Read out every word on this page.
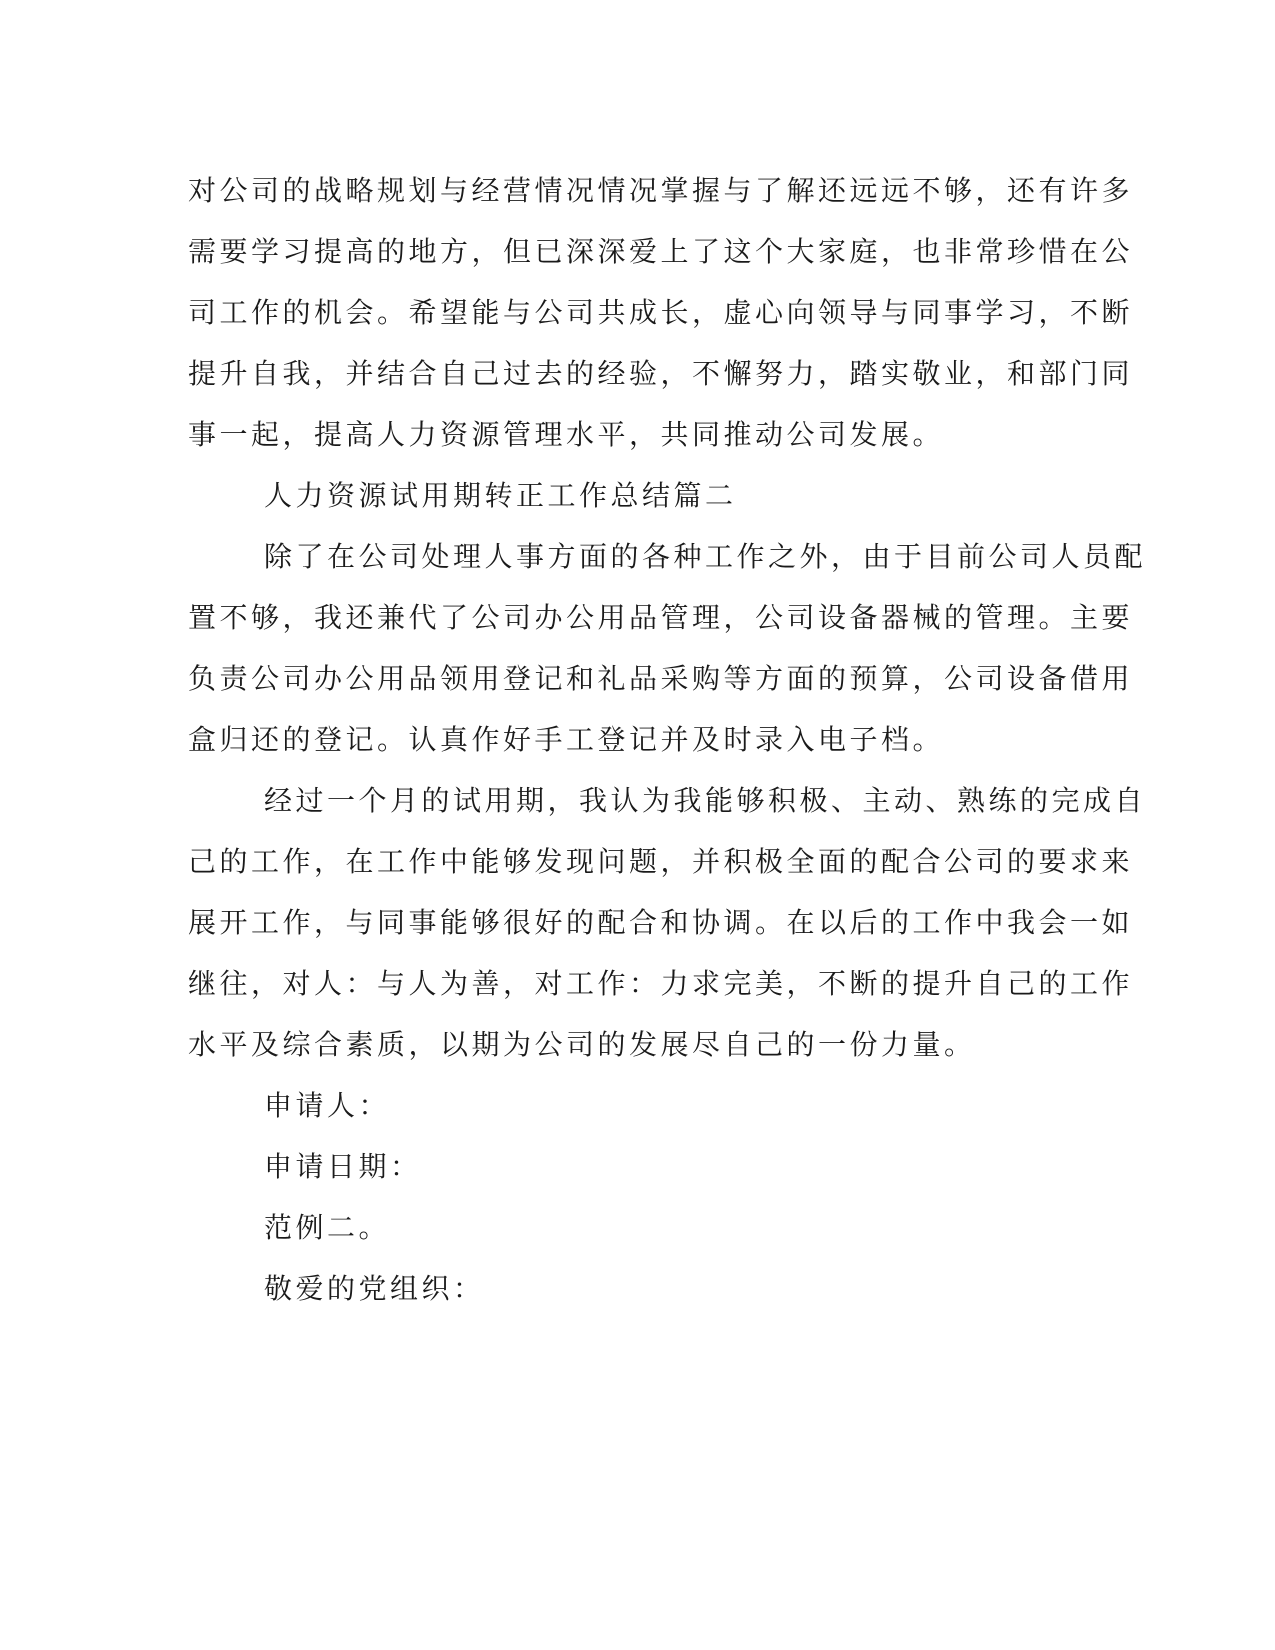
对公司的战略规划与经营情况情况掌握与了解还远远不够，还有许多
需要学习提高的地方，但已深深爱上了这个大家庭，也非常珍惜在公
司工作的机会。希望能与公司共成长，虚心向领导与同事学习，不断
提升自我，并结合自己过去的经验，不懈努力，踏实敬业，和部门同
事一起，提高人力资源管理水平，共同推动公司发展。
人力资源试用期转正工作总结篇二
除了在公司处理人事方面的各种工作之外，由于目前公司人员配
置不够，我还兼代了公司办公用品管理，公司设备器械的管理。主要
负责公司办公用品领用登记和礼品采购等方面的预算，公司设备借用
盒归还的登记。认真作好手工登记并及时录入电子档。
经过一个月的试用期，我认为我能够积极、主动、熟练的完成自
己的工作，在工作中能够发现问题，并积极全面的配合公司的要求来
展开工作，与同事能够很好的配合和协调。在以后的工作中我会一如
继往，对人：与人为善，对工作：力求完美，不断的提升自己的工作
水平及综合素质，以期为公司的发展尽自己的一份力量。
申请人：
申请日期：
范例二。
敬爱的党组织：
